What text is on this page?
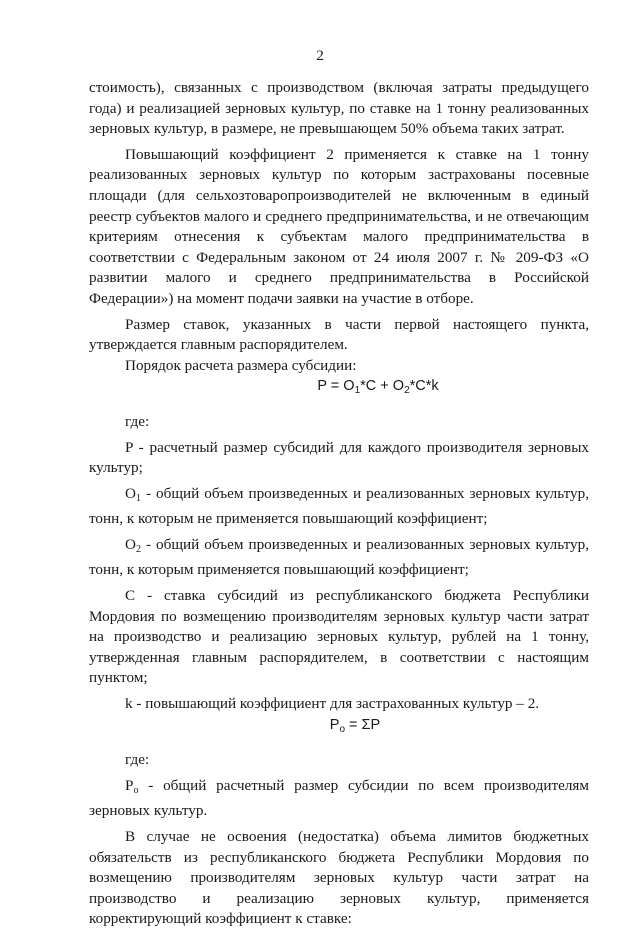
2

стоимость), связанных с производством (включая затраты предыдущего года) и реализацией зерновых культур, по ставке на 1 тонну реализованных зерновых культур, в размере, не превышающем 50% объема таких затрат.

Повышающий коэффициент 2 применяется к ставке на 1 тонну реализованных зерновых культур по которым застрахованы посевные площади (для сельхозтоваропроизводителей не включенным в единый реестр субъектов малого и среднего предпринимательства, и не отвечающим критериям отнесения к субъектам малого предпринимательства в соответствии с Федеральным законом от 24 июля 2007 г. № 209-ФЗ «О развитии малого и среднего предпринимательства в Российской Федерации») на момент подачи заявки на участие в отборе.

Размер ставок, указанных в части первой настоящего пункта, утверждается главным распорядителем.

Порядок расчета размера субсидии:

$P = O_1*C + O_2*C*k$

где:

P - расчетный размер субсидий для каждого производителя зерновых культур;

$O_1$ - общий объем произведенных и реализованных зерновых культур, тонн, к которым не применяется повышающий коэффициент;

$O_2$ - общий объем произведенных и реализованных зерновых культур, тонн, к которым применяется повышающий коэффициент;

C - ставка субсидий из республиканского бюджета Республики Мордовия по возмещению производителям зерновых культур части затрат на производство и реализацию зерновых культур, рублей на 1 тонну, утвержденная главным распорядителем, в соответствии с настоящим пунктом;

k - повышающий коэффициент для застрахованных культур – 2.

$P_o = \Sigma P$

где:

$P_o$ - общий расчетный размер субсидии по всем производителям зерновых культур.

В случае не освоения (недостатка) объема лимитов бюджетных обязательств из республиканского бюджета Республики Мордовия по возмещению производителям зерновых культур части затрат на производство и реализацию зерновых культур, применяется корректирующий коэффициент к ставке:
